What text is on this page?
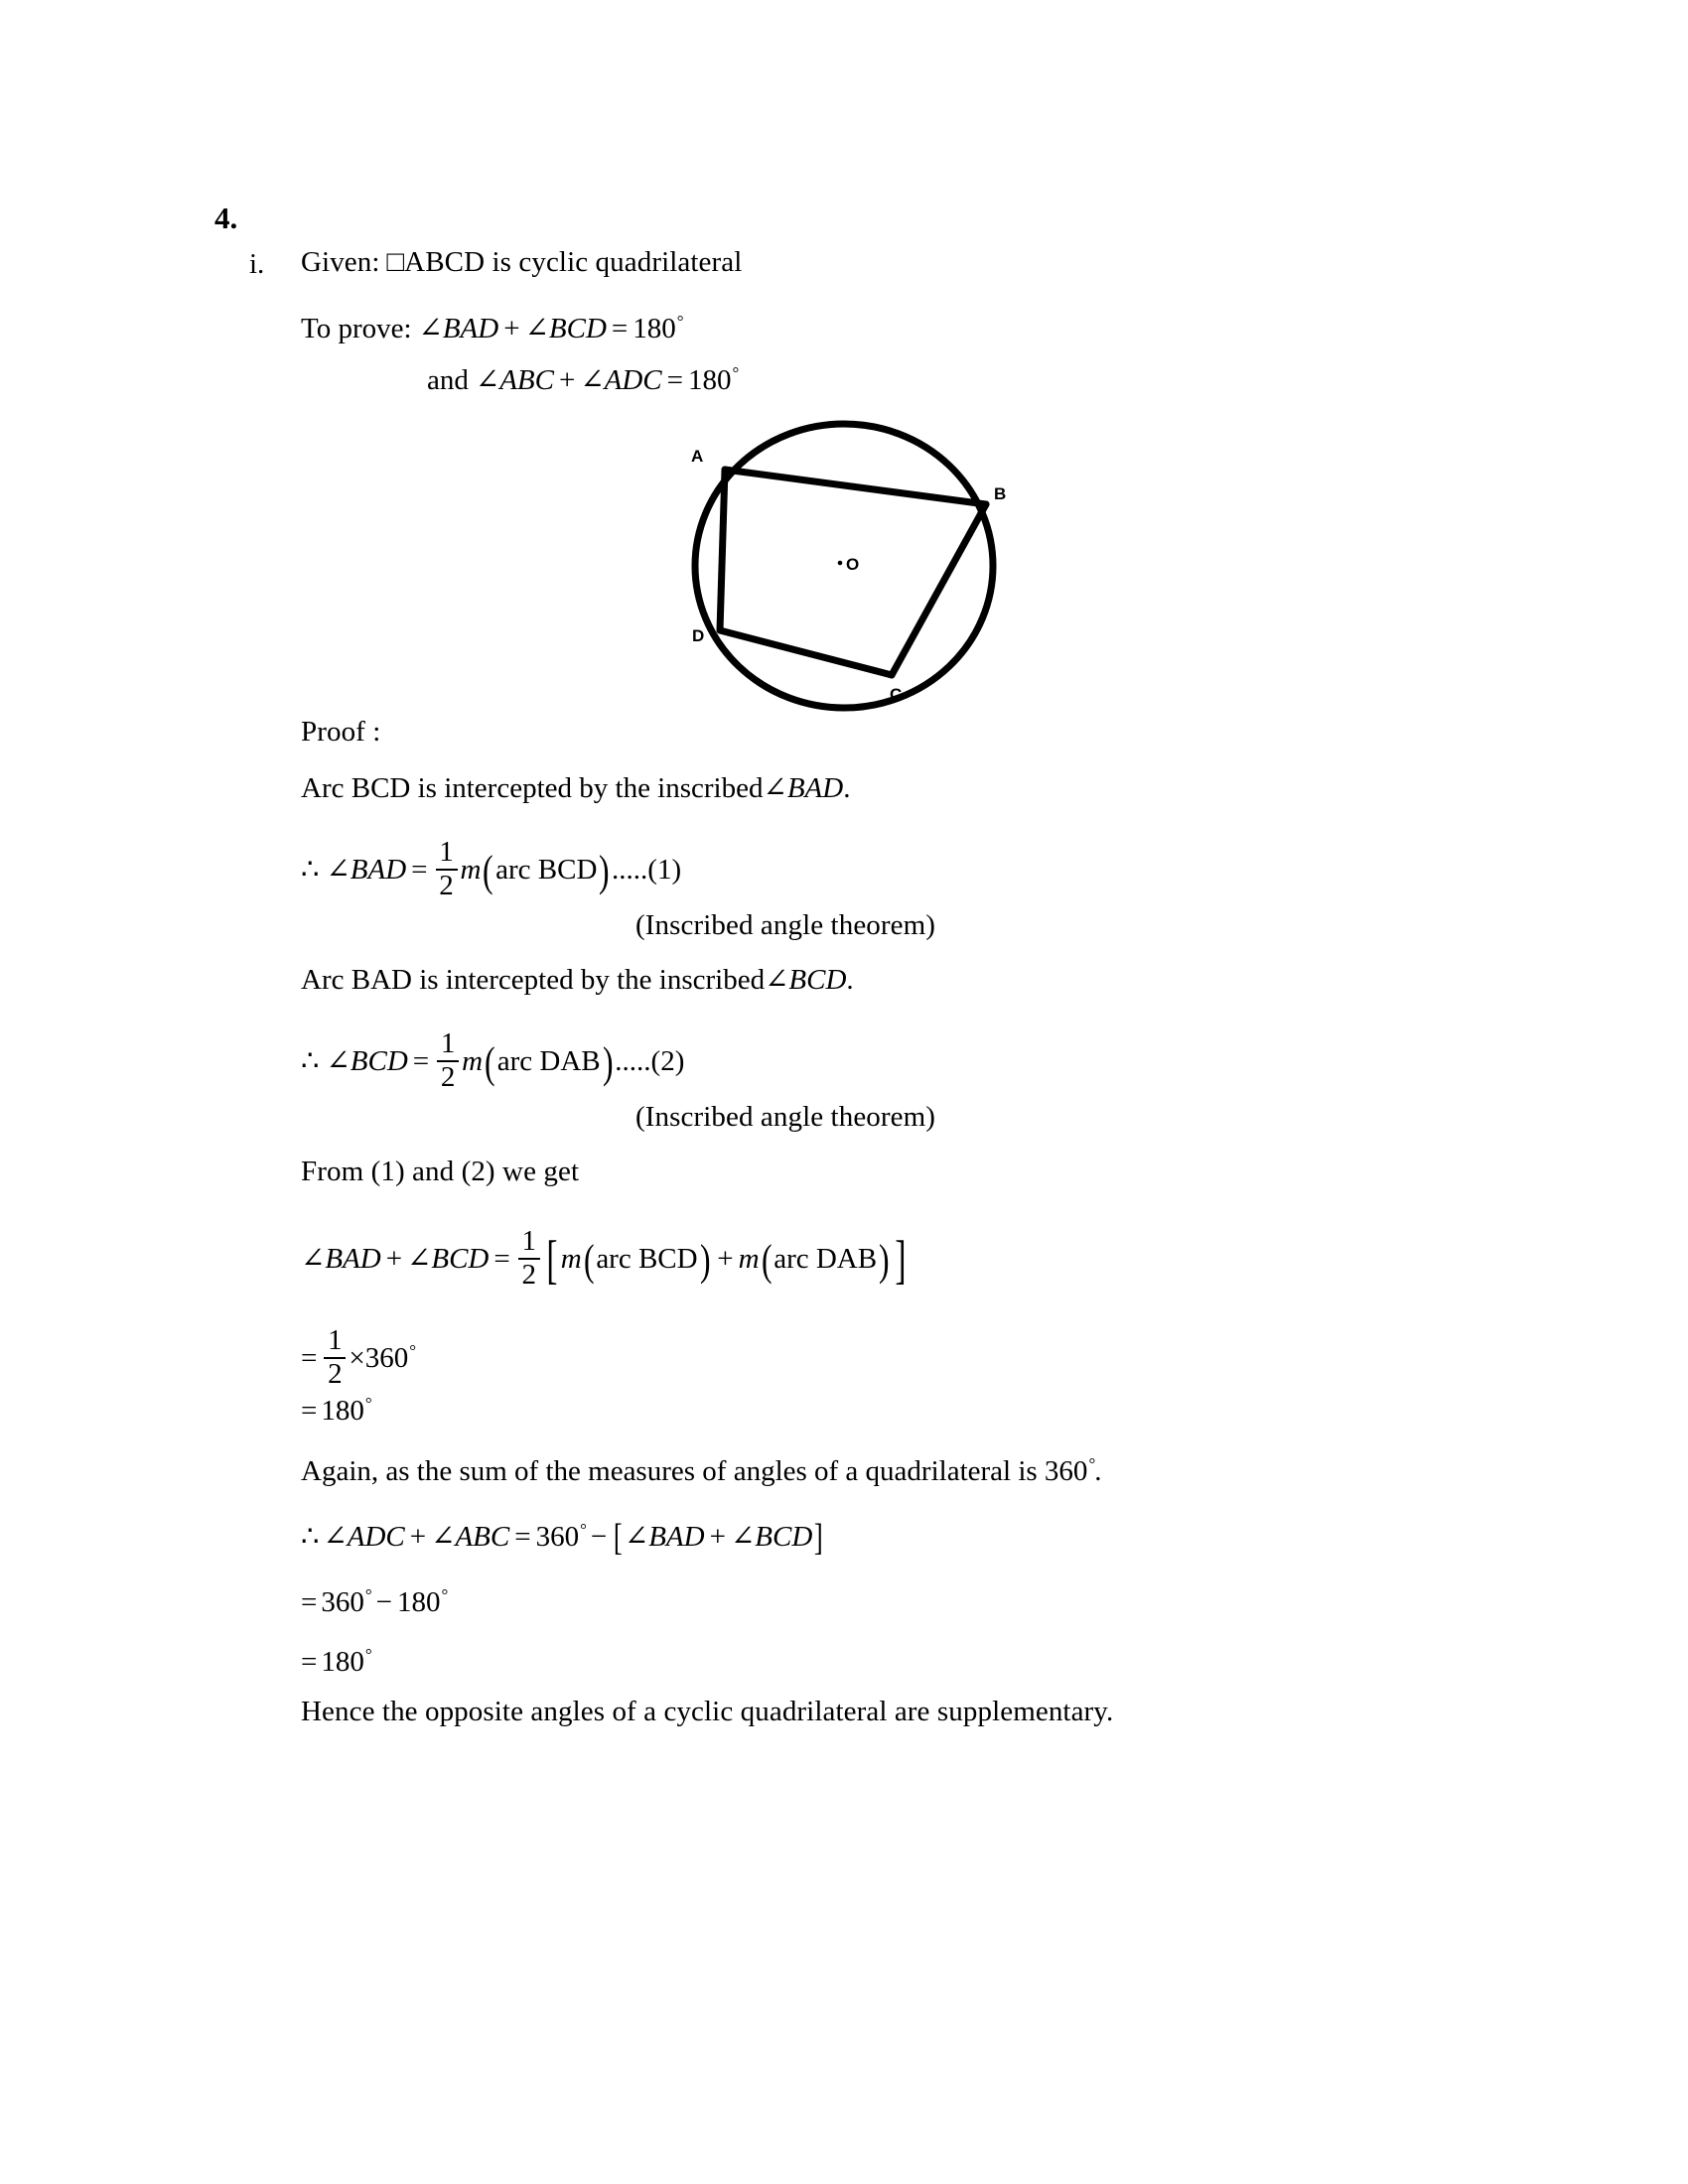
4.
i. Given: □ABCD is cyclic quadrilateral
To prove: ∠ BAD + ∠ BCD = 180 °
and ∠ ABC + ∠ ADC = 180 °
A
B
C
D
O
Proof :
Arc BCD is intercepted by the inscribed ∠ BAD .
∴ ∠ BAD = $\frac{1}{2}$ m ( arc BCD ) .....(1)
(Inscribed angle theorem)
Arc BAD is intercepted by the inscribed ∠ BCD .
∴ ∠ BCD = $\frac{1}{2}$ m ( arc DAB ) .....(2)
(Inscribed angle theorem)
From (1) and (2) we get
∠ BAD + ∠ BCD = $\frac{1}{2}$ [ m ( arc BCD ) + m ( arc DAB ) ]
= $\frac{1}{2} \times 360$ °
= 180 °
Again, as the sum of the measures of angles of a quadrilateral is 360 ° .
∴ ∠ ADC + ∠ ABC = 360 ° − [ ∠ BAD + ∠ BCD ]
= 360 ° − 180 °
= 180 °
Hence the opposite angles of a cyclic quadrilateral are supplementary.
